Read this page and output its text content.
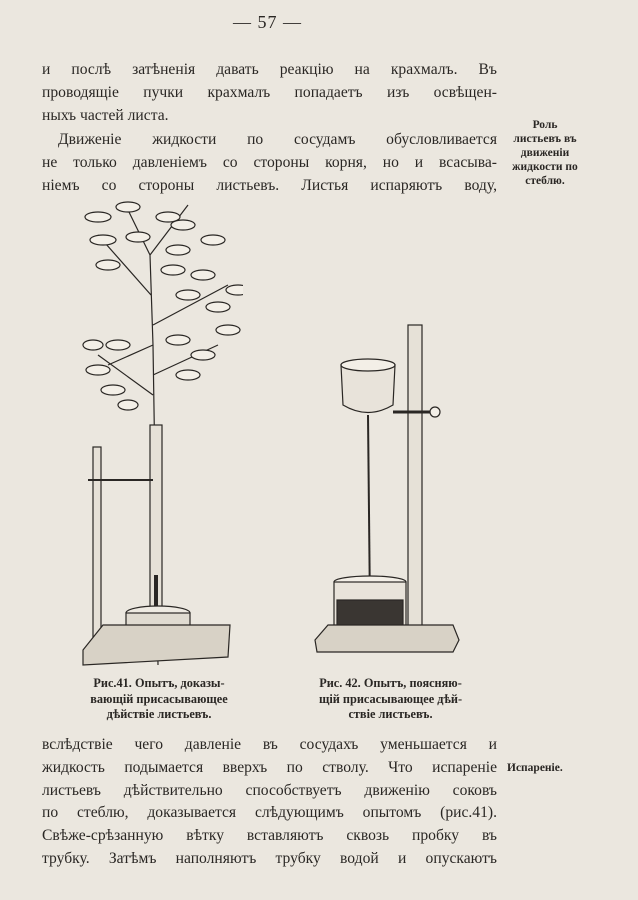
— 57 —
и послѣ затѣненія давать реакцію на крахмалъ. Въ
проводящіе пучки крахмалъ попадаетъ изъ освѣщен-
ныхъ частей листа.
Движеніе жидкости по сосудамъ обусловливается
не только давленіемъ со стороны корня, но и всасыва-
ніемъ со стороны листьевъ. Листья испаряютъ воду,
Роль
листьевъ въ
движеніи
жидкости по
стеблю.
Рис.41. Опытъ, доказы-
вающій присасывающее
дѣйствіе листьевъ.
Рис. 42. Опытъ, поясняю-
щій присасывающее дѣй-
ствіе листьевъ.
вслѣдствіе чего давленіе въ сосудахъ уменьшается и
жидкость подымается вверхъ по стволу. Что испареніе
листьевъ дѣйствительно способствуетъ движенію соковъ
по стеблю, доказывается слѣдующимъ опытомъ (рис.41).
Свѣже-срѣзанную вѣтку вставляютъ сквозь пробку въ
трубку. Затѣмъ наполняютъ трубку водой и опускаютъ
Испареніе.
